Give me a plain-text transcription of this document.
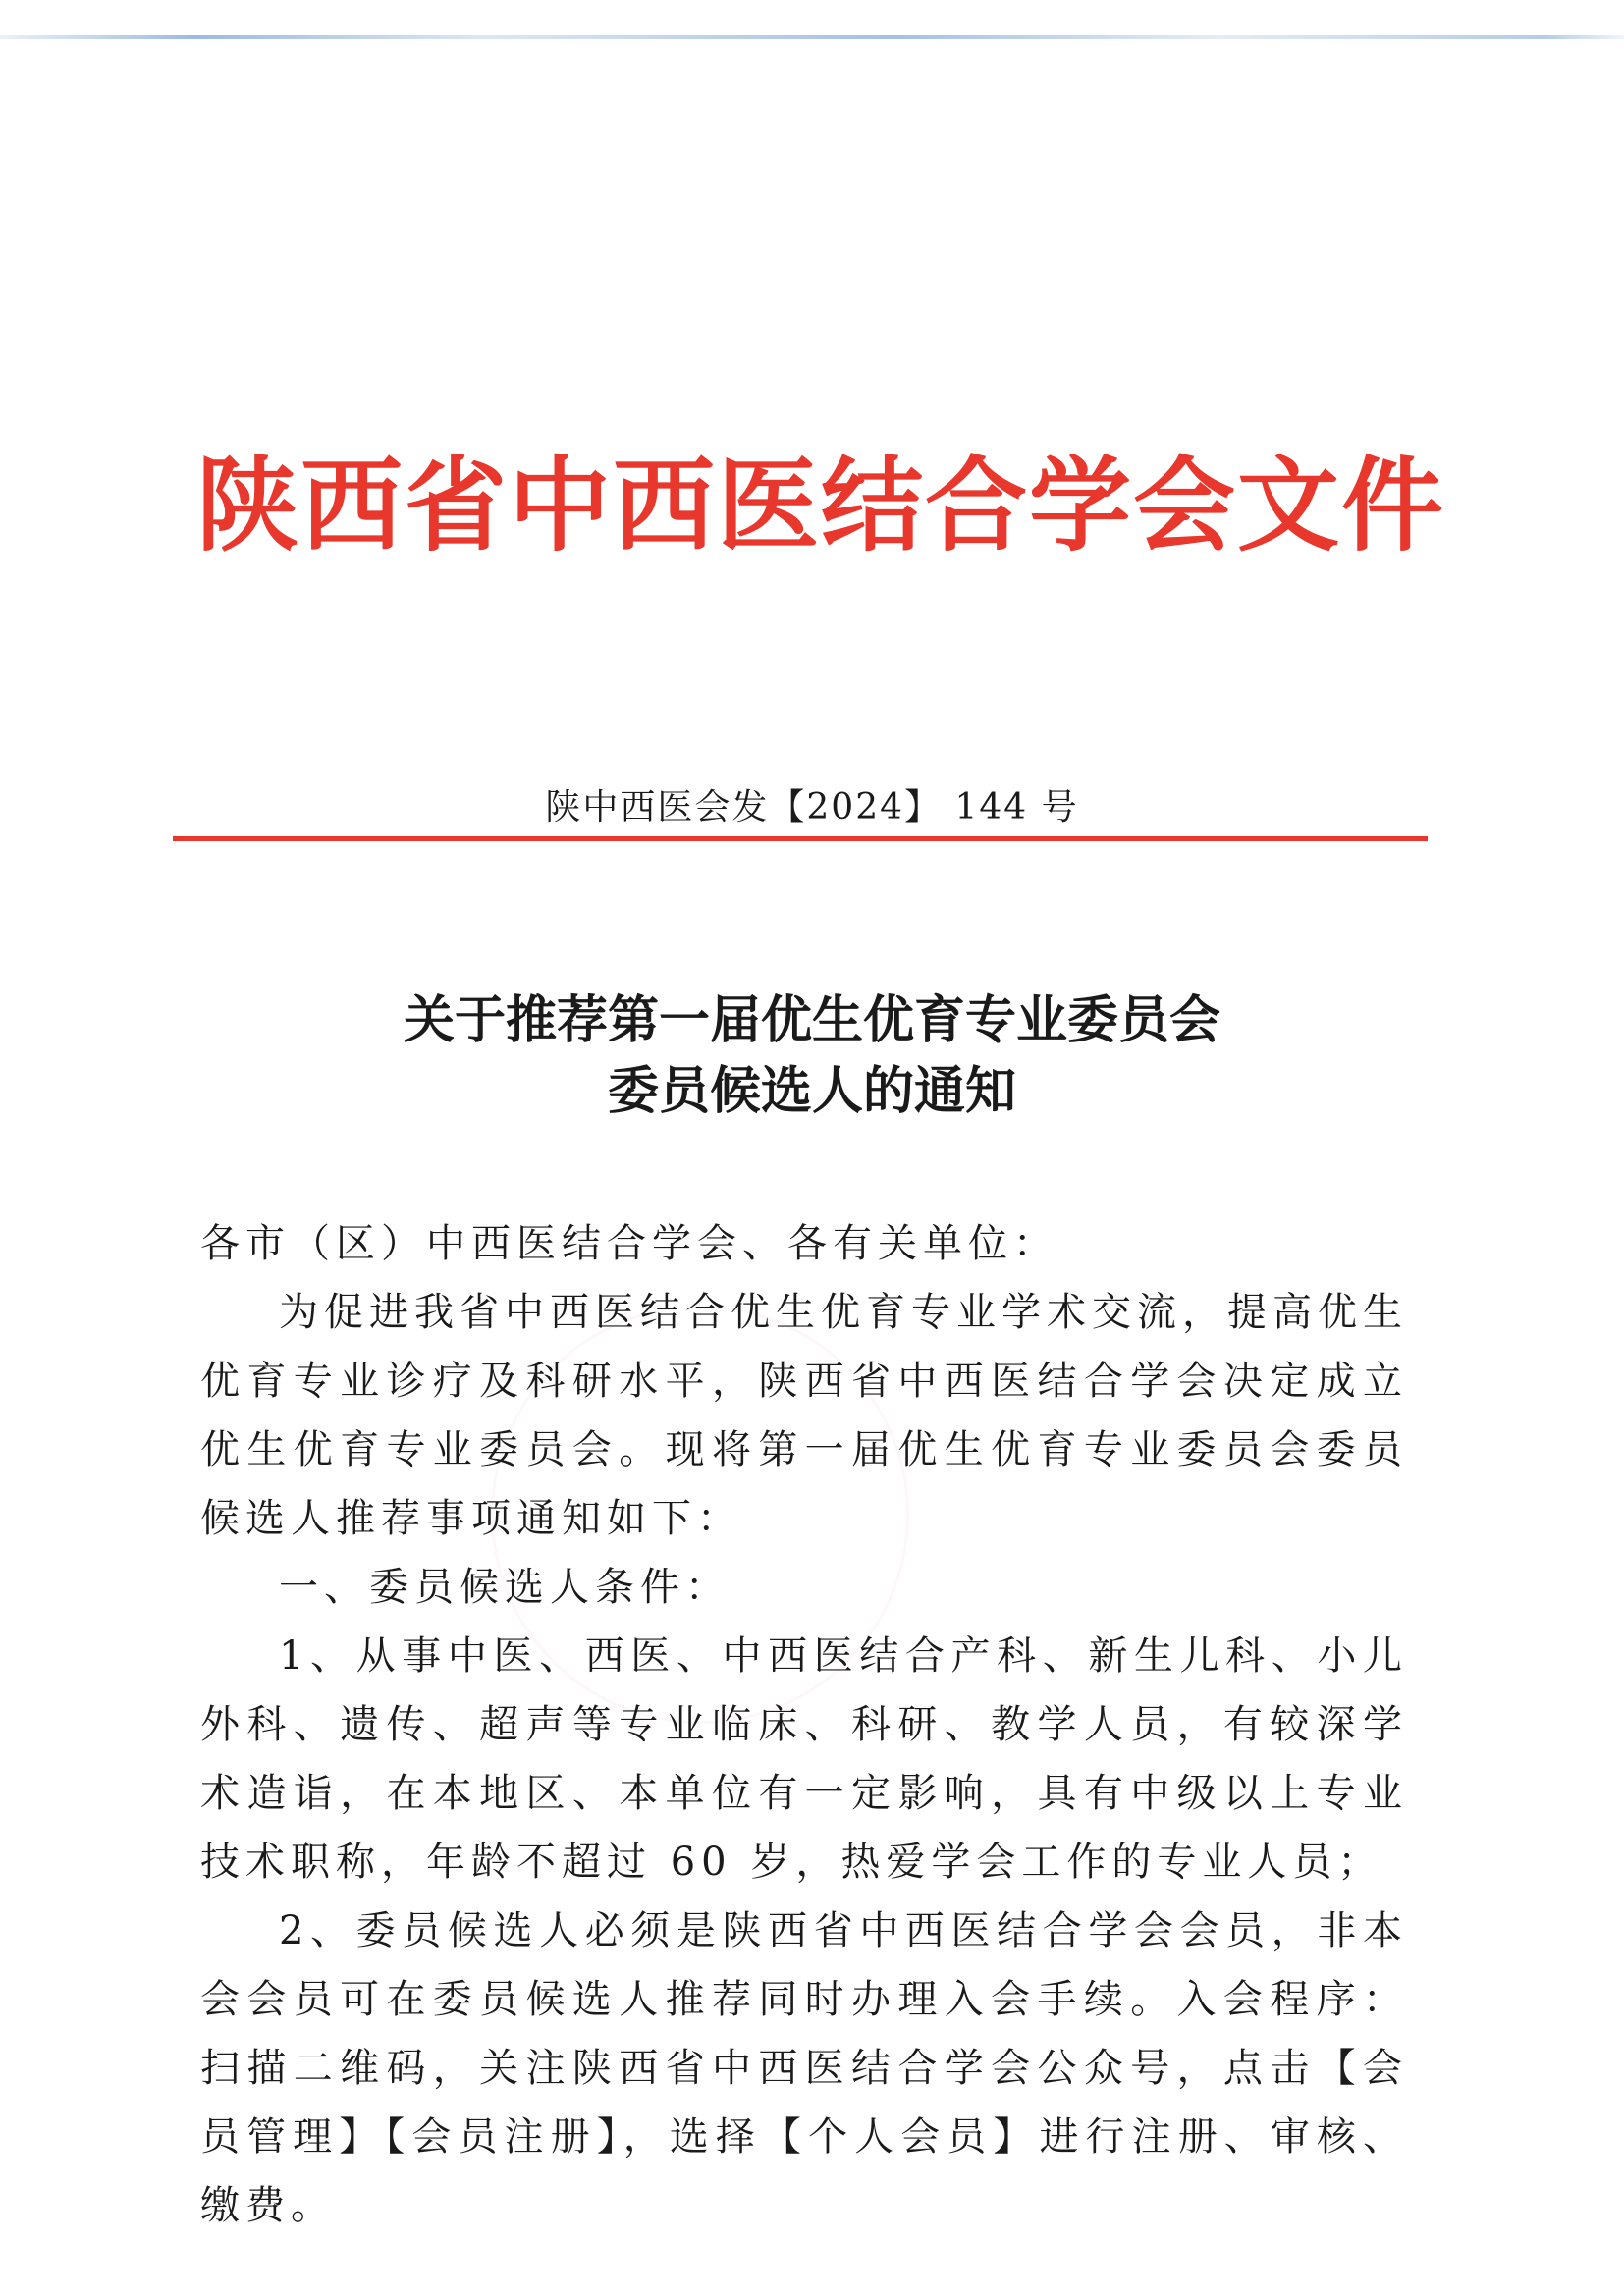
陕西省中西医结合学会文件
陕中西医会发【2024】 144 号
关于推荐第一届优生优育专业委员会
委员候选人的通知

各市（区）中西医结合学会、各有关单位：

为促进我省中西医结合优生优育专业学术交流，提高优生优育专业诊疗及科研水平，陕西省中西医结合学会决定成立优生优育专业委员会。现将第一届优生优育专业委员会委员候选人推荐事项通知如下：

一、委员候选人条件：

1、从事中医、西医、中西医结合产科、新生儿科、小儿外科、遗传、超声等专业临床、科研、教学人员，有较深学术造诣，在本地区、本单位有一定影响，具有中级以上专业技术职称，年龄不超过 60 岁，热爱学会工作的专业人员；

2、委员候选人必须是陕西省中西医结合学会会员，非本会会员可在委员候选人推荐同时办理入会手续。入会程序：扫描二维码，关注陕西省中西医结合学会公众号，点击【会员管理】【会员注册】，选择【个人会员】进行注册、审核、缴费。
